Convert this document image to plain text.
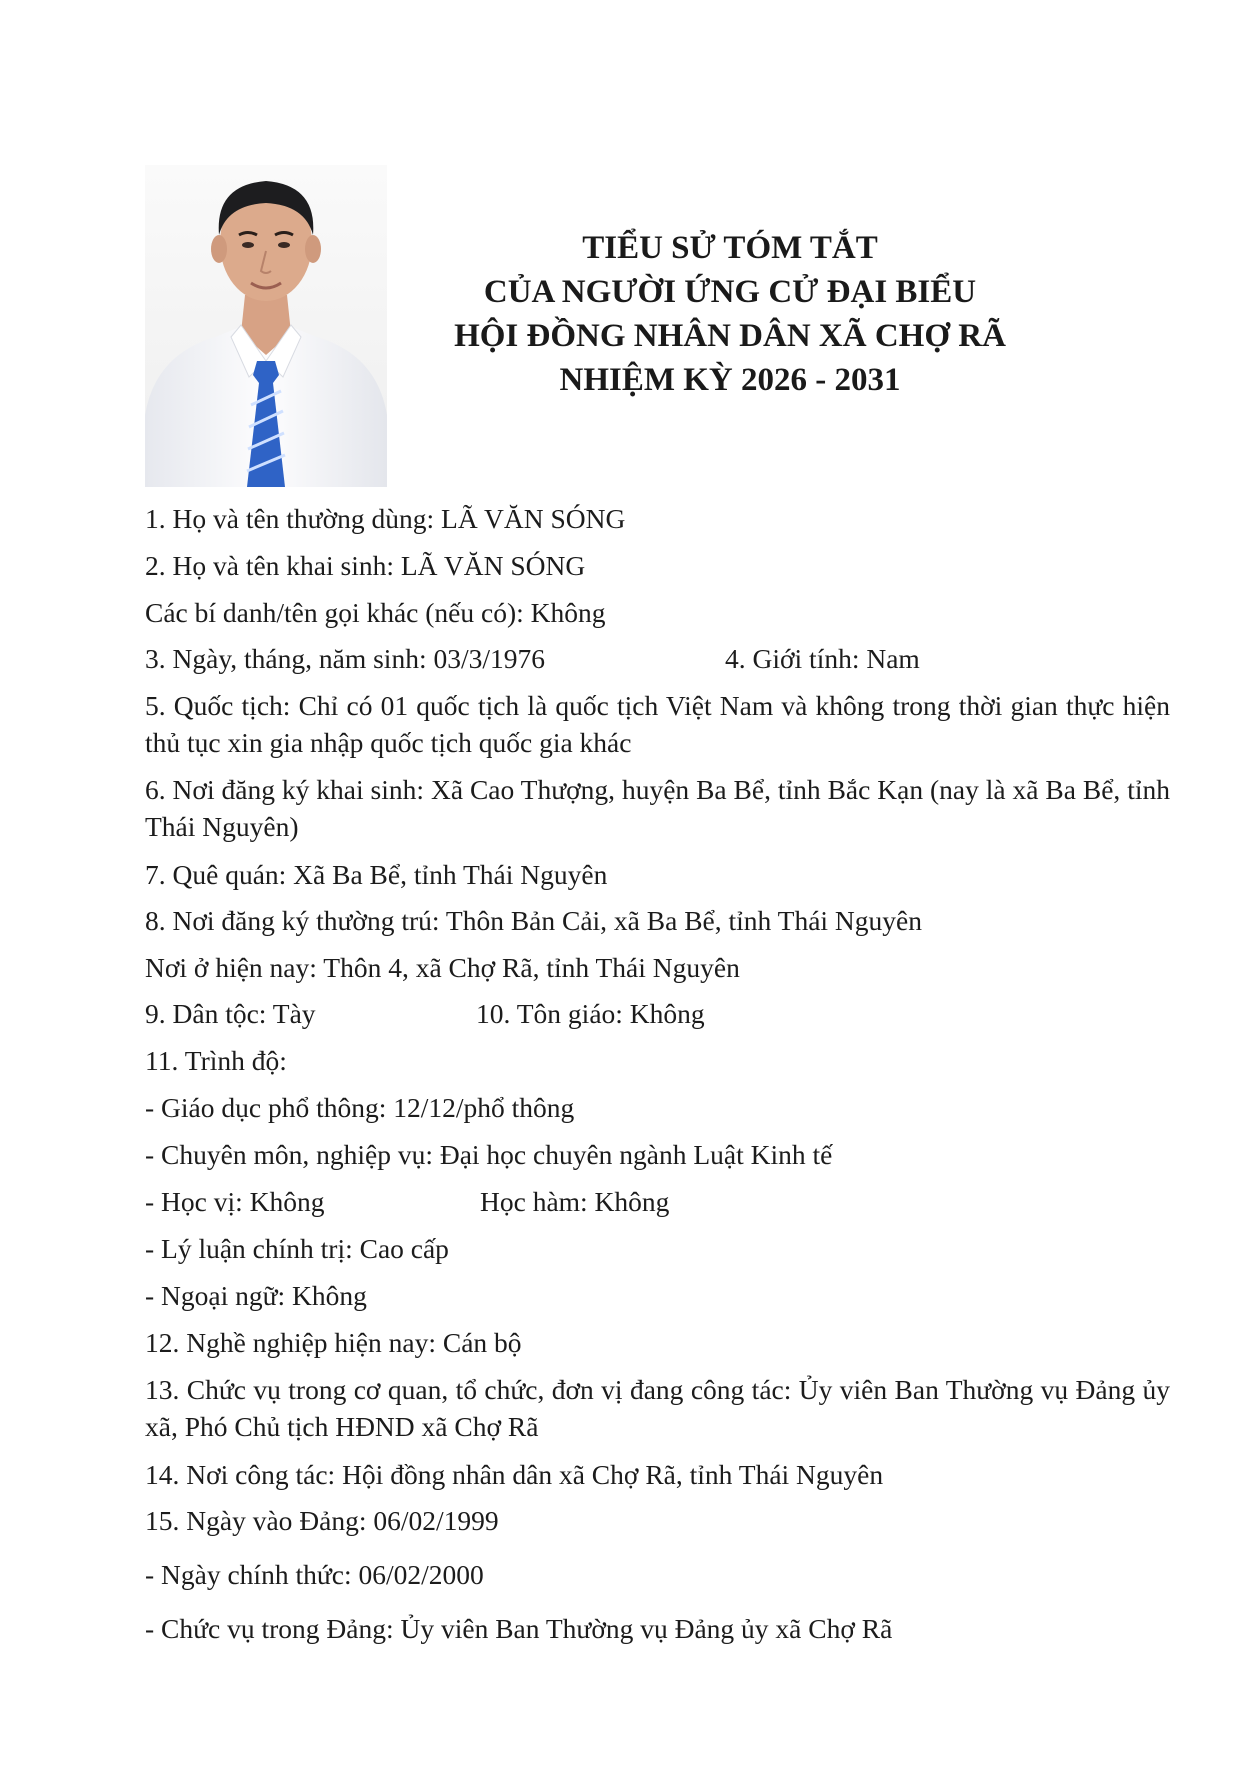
TIỂU SỬ TÓM TẮT
CỦA NGƯỜI ỨNG CỬ ĐẠI BIỂU
HỘI ĐỒNG NHÂN DÂN XÃ CHỢ RÃ
NHIỆM KỲ 2026 - 2031
1. Họ và tên thường dùng: LÃ VĂN SÓNG
2. Họ và tên khai sinh: LÃ VĂN SÓNG
Các bí danh/tên gọi khác (nếu có): Không
3. Ngày, tháng, năm sinh: 03/3/1976	4. Giới tính: Nam
5. Quốc tịch: Chỉ có 01 quốc tịch là quốc tịch Việt Nam và không trong thời gian thực hiện thủ tục xin gia nhập quốc tịch quốc gia khác
6. Nơi đăng ký khai sinh: Xã Cao Thượng, huyện Ba Bể, tỉnh Bắc Kạn (nay là xã Ba Bể, tỉnh Thái Nguyên)
7. Quê quán: Xã Ba Bể, tỉnh Thái Nguyên
8. Nơi đăng ký thường trú: Thôn Bản Cải, xã Ba Bể, tỉnh Thái Nguyên
Nơi ở hiện nay: Thôn 4, xã Chợ Rã, tỉnh Thái Nguyên
9. Dân tộc: Tày	10. Tôn giáo: Không
11. Trình độ:
- Giáo dục phổ thông: 12/12/phổ thông
- Chuyên môn, nghiệp vụ: Đại học chuyên ngành Luật Kinh tế
- Học vị: Không	Học hàm: Không
- Lý luận chính trị: Cao cấp
- Ngoại ngữ: Không
12. Nghề nghiệp hiện nay: Cán bộ
13. Chức vụ trong cơ quan, tổ chức, đơn vị đang công tác: Ủy viên Ban Thường vụ Đảng ủy xã, Phó Chủ tịch HĐND xã Chợ Rã
14. Nơi công tác: Hội đồng nhân dân xã Chợ Rã, tỉnh Thái Nguyên
15. Ngày vào Đảng: 06/02/1999
- Ngày chính thức: 06/02/2000
- Chức vụ trong Đảng: Ủy viên Ban Thường vụ Đảng ủy xã Chợ Rã
